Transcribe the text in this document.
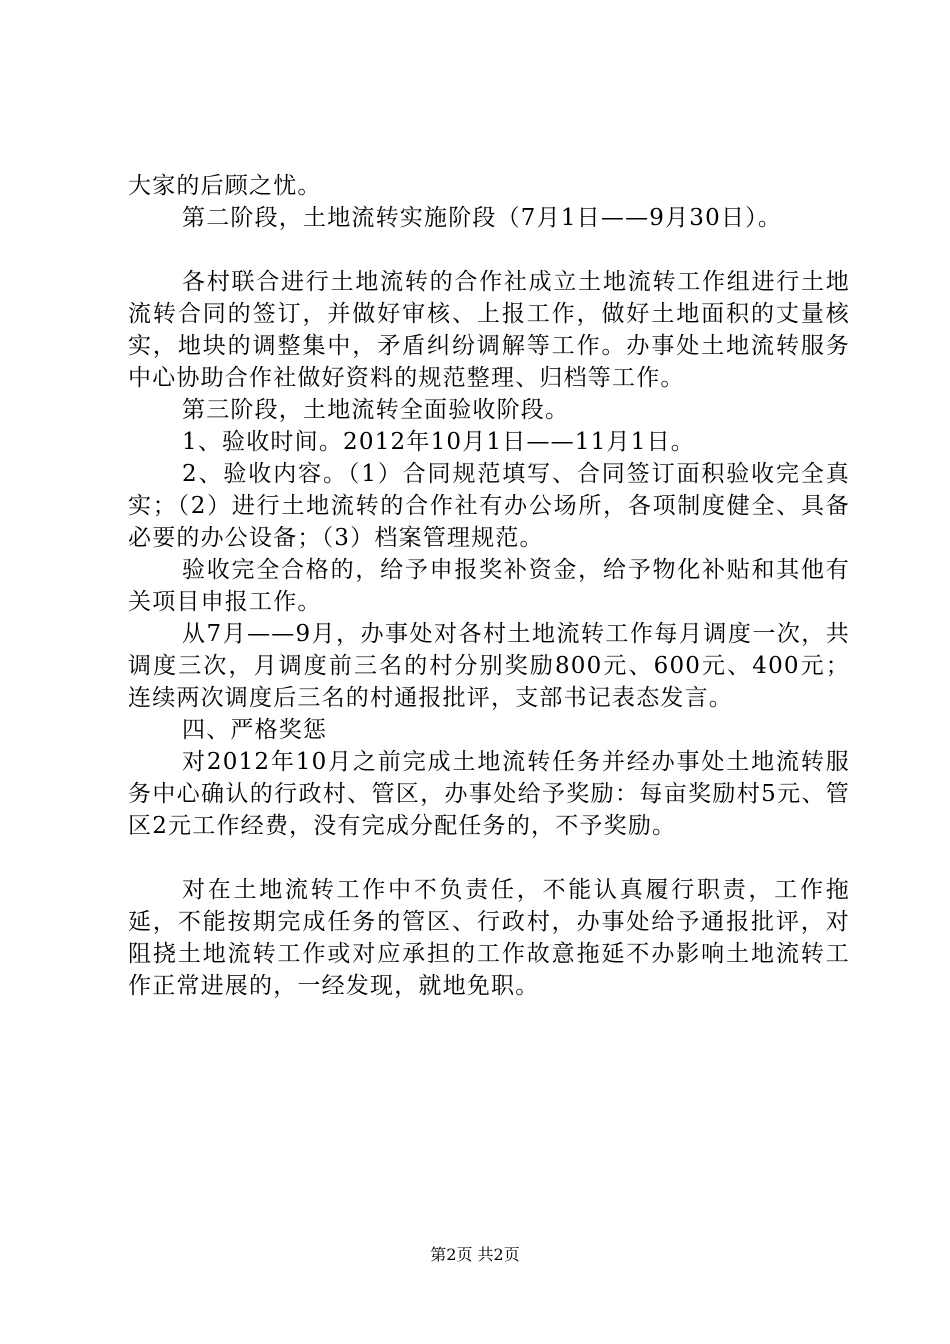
大家的后顾之忧。

第二阶段，土地流转实施阶段（7月1日——9月30日）。

各村联合进行土地流转的合作社成立土地流转工作组进行土地流转合同的签订，并做好审核、上报工作，做好土地面积的丈量核实，地块的调整集中，矛盾纠纷调解等工作。办事处土地流转服务中心协助合作社做好资料的规范整理、归档等工作。

第三阶段，土地流转全面验收阶段。

1、验收时间。2012年10月1日——11月1日。

2、验收内容。（1）合同规范填写、合同签订面积验收完全真实；（2）进行土地流转的合作社有办公场所，各项制度健全、具备必要的办公设备；（3）档案管理规范。

验收完全合格的，给予申报奖补资金，给予物化补贴和其他有关项目申报工作。

从7月——9月，办事处对各村土地流转工作每月调度一次，共调度三次，月调度前三名的村分别奖励800元、600元、400元；连续两次调度后三名的村通报批评，支部书记表态发言。

四、严格奖惩

对2012年10月之前完成土地流转任务并经办事处土地流转服务中心确认的行政村、管区，办事处给予奖励：每亩奖励村5元、管区2元工作经费，没有完成分配任务的，不予奖励。

对在土地流转工作中不负责任，不能认真履行职责，工作拖延，不能按期完成任务的管区、行政村，办事处给予通报批评，对阻挠土地流转工作或对应承担的工作故意拖延不办影响土地流转工作正常进展的，一经发现，就地免职。

第2页 共2页
